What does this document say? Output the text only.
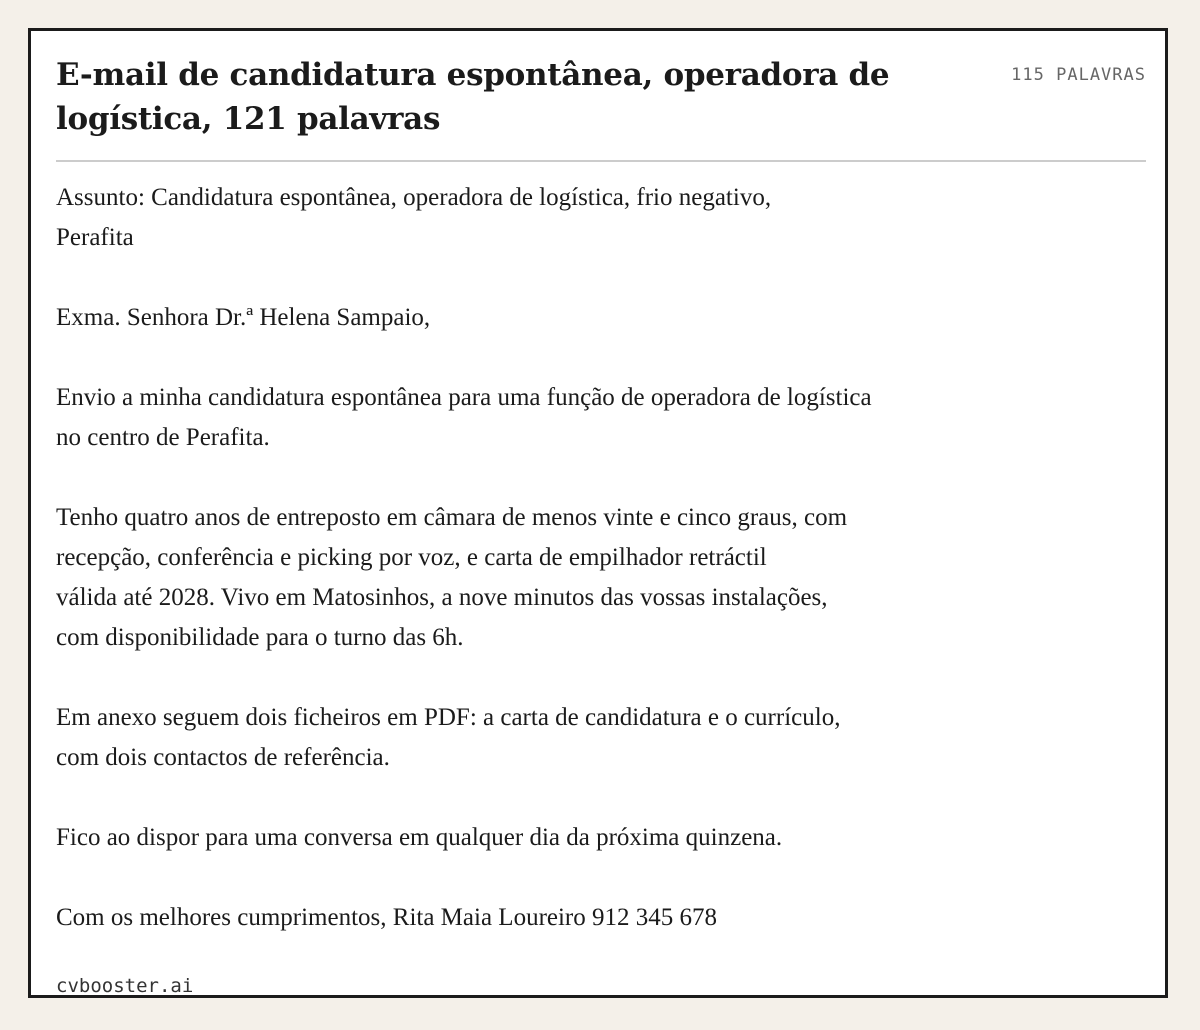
E-mail de candidatura espontânea, operadora de logística, 121 palavras
115 PALAVRAS

Assunto: Candidatura espontânea, operadora de logística, frio negativo,
Perafita

Exma. Senhora Dr.ª Helena Sampaio,

Envio a minha candidatura espontânea para uma função de operadora de logística
no centro de Perafita.

Tenho quatro anos de entreposto em câmara de menos vinte e cinco graus, com
recepção, conferência e picking por voz, e carta de empilhador retráctil
válida até 2028. Vivo em Matosinhos, a nove minutos das vossas instalações,
com disponibilidade para o turno das 6h.

Em anexo seguem dois ficheiros em PDF: a carta de candidatura e o currículo,
com dois contactos de referência.

Fico ao dispor para uma conversa em qualquer dia da próxima quinzena.

Com os melhores cumprimentos, Rita Maia Loureiro 912 345 678

cvbooster.ai
